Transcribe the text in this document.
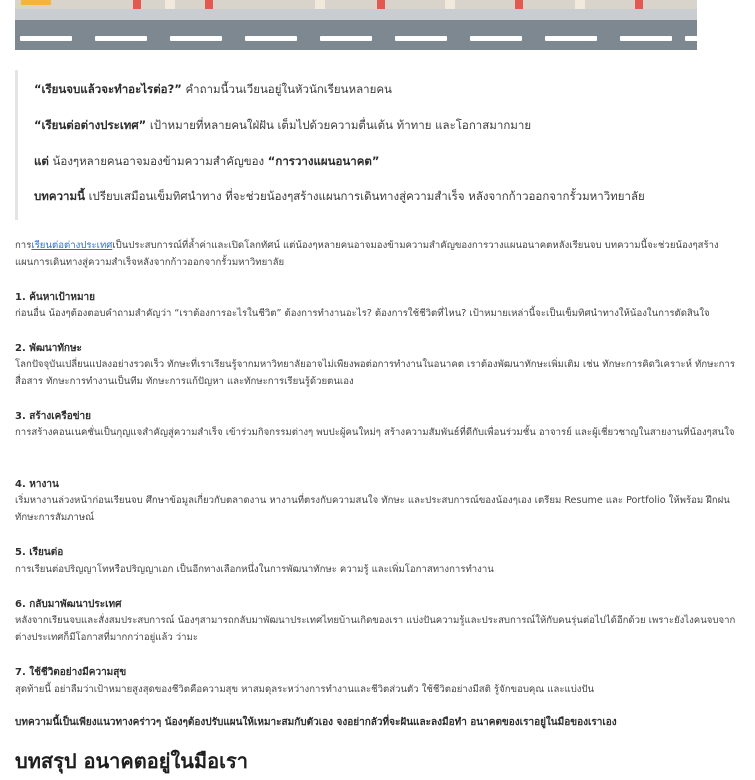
“เรียนจบแล้วจะทำอะไรต่อ?” คำถามนี้วนเวียนอยู่ในหัวนักเรียนหลายคน
“เรียนต่อต่างประเทศ” เป้าหมายที่หลายคนใฝ่ฝัน เต็มไปด้วยความตื่นเต้น ท้าทาย และโอกาสมากมาย
แต่ น้องๆหลายคนอาจมองข้ามความสำคัญของ “การวางแผนอนาคต”
บทความนี้ เปรียบเสมือนเข็มทิศนำทาง ที่จะช่วยน้องๆสร้างแผนการเดินทางสู่ความสำเร็จ หลังจากก้าวออกจากรั้วมหาวิทยาลัย

การเรียนต่อต่างประเทศเป็นประสบการณ์ที่ล้ำค่าและเปิดโลกทัศน์ แต่น้องๆหลายคนอาจมองข้ามความสำคัญของการวางแผนอนาคตหลังเรียนจบ บทความนี้จะช่วยน้องๆสร้างแผนการเดินทางสู่ความสำเร็จหลังจากก้าวออกจากรั้วมหาวิทยาลัย

1. ค้นหาเป้าหมาย

ก่อนอื่น น้องๆต้องตอบคำถามสำคัญว่า “เราต้องการอะไรในชีวิต” ต้องการทำงานอะไร? ต้องการใช้ชีวิตที่ไหน? เป้าหมายเหล่านี้จะเป็นเข็มทิศนำทางให้น้องในการตัดสินใจ

2. พัฒนาทักษะ

โลกปัจจุบันเปลี่ยนแปลงอย่างรวดเร็ว ทักษะที่เราเรียนรู้จากมหาวิทยาลัยอาจไม่เพียงพอต่อการทำงานในอนาคต เราต้องพัฒนาทักษะเพิ่มเติม เช่น ทักษะการคิดวิเคราะห์ ทักษะการสื่อสาร ทักษะการทำงานเป็นทีม ทักษะการแก้ปัญหา และทักษะการเรียนรู้ด้วยตนเอง

3. สร้างเครือข่าย

การสร้างคอนเนคชั่นเป็นกุญแจสำคัญสู่ความสำเร็จ เข้าร่วมกิจกรรมต่างๆ พบปะผู้คนใหม่ๆ สร้างความสัมพันธ์ที่ดีกับเพื่อนร่วมชั้น อาจารย์ และผู้เชี่ยวชาญในสายงานที่น้องๆสนใจ

4. หางาน

เริ่มหางานล่วงหน้าก่อนเรียนจบ ศึกษาข้อมูลเกี่ยวกับตลาดงาน หางานที่ตรงกับความสนใจ ทักษะ และประสบการณ์ของน้องๆเอง เตรียม Resume และ Portfolio ให้พร้อม ฝึกฝนทักษะการสัมภาษณ์

5. เรียนต่อ

การเรียนต่อปริญญาโทหรือปริญญาเอก เป็นอีกทางเลือกหนึ่งในการพัฒนาทักษะ ความรู้ และเพิ่มโอกาสทางการทำงาน

6. กลับมาพัฒนาประเทศ

หลังจากเรียนจบและสั่งสมประสบการณ์ น้องๆสามารถกลับมาพัฒนาประเทศไทยบ้านเกิดของเรา แบ่งปันความรู้และประสบการณ์ให้กับคนรุ่นต่อไปได้อีกด้วย เพราะยังไงคนจบจากต่างประเทศก็มีโอกาสที่มากกว่าอยู่แล้ว ว่ามะ

7. ใช้ชีวิตอย่างมีความสุข

สุดท้ายนี้ อย่าลืมว่าเป้าหมายสูงสุดของชีวิตคือความสุข หาสมดุลระหว่างการทำงานและชีวิตส่วนตัว ใช้ชีวิตอย่างมีสติ รู้จักขอบคุณ และแบ่งปัน

บทความนี้เป็นเพียงแนวทางคร่าวๆ น้องๆต้องปรับแผนให้เหมาะสมกับตัวเอง จงอย่ากลัวที่จะฝันและลงมือทำ อนาคตของเราอยู่ในมือของเราเอง
บทสรุป อนาคตอยู่ในมือเรา
